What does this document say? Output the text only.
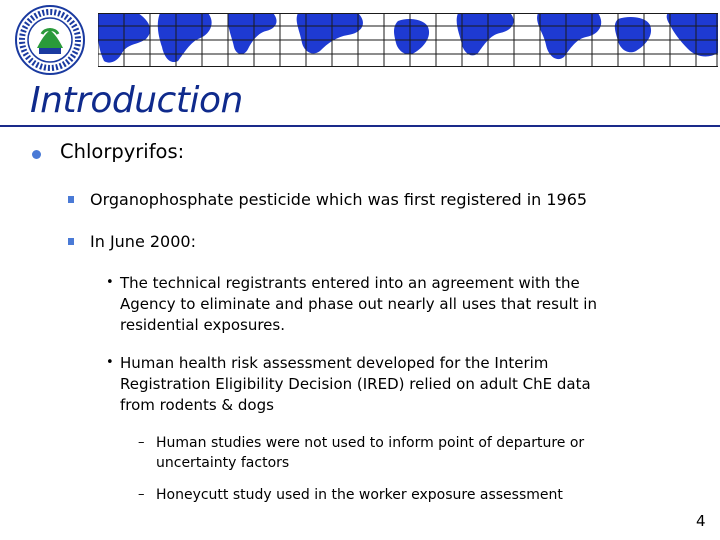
Introduction
Chlorpyrifos:
Organophosphate pesticide which was first registered in 1965
In June 2000:
• The technical registrants entered into an agreement with the Agency to eliminate and phase out nearly all uses that result in residential exposures.
• Human health risk assessment developed for the Interim Registration Eligibility Decision (IRED) relied on adult ChE data from rodents & dogs
– Human studies were not used to inform point of departure or uncertainty factors
– Honeycutt study used in the worker exposure assessment
4
